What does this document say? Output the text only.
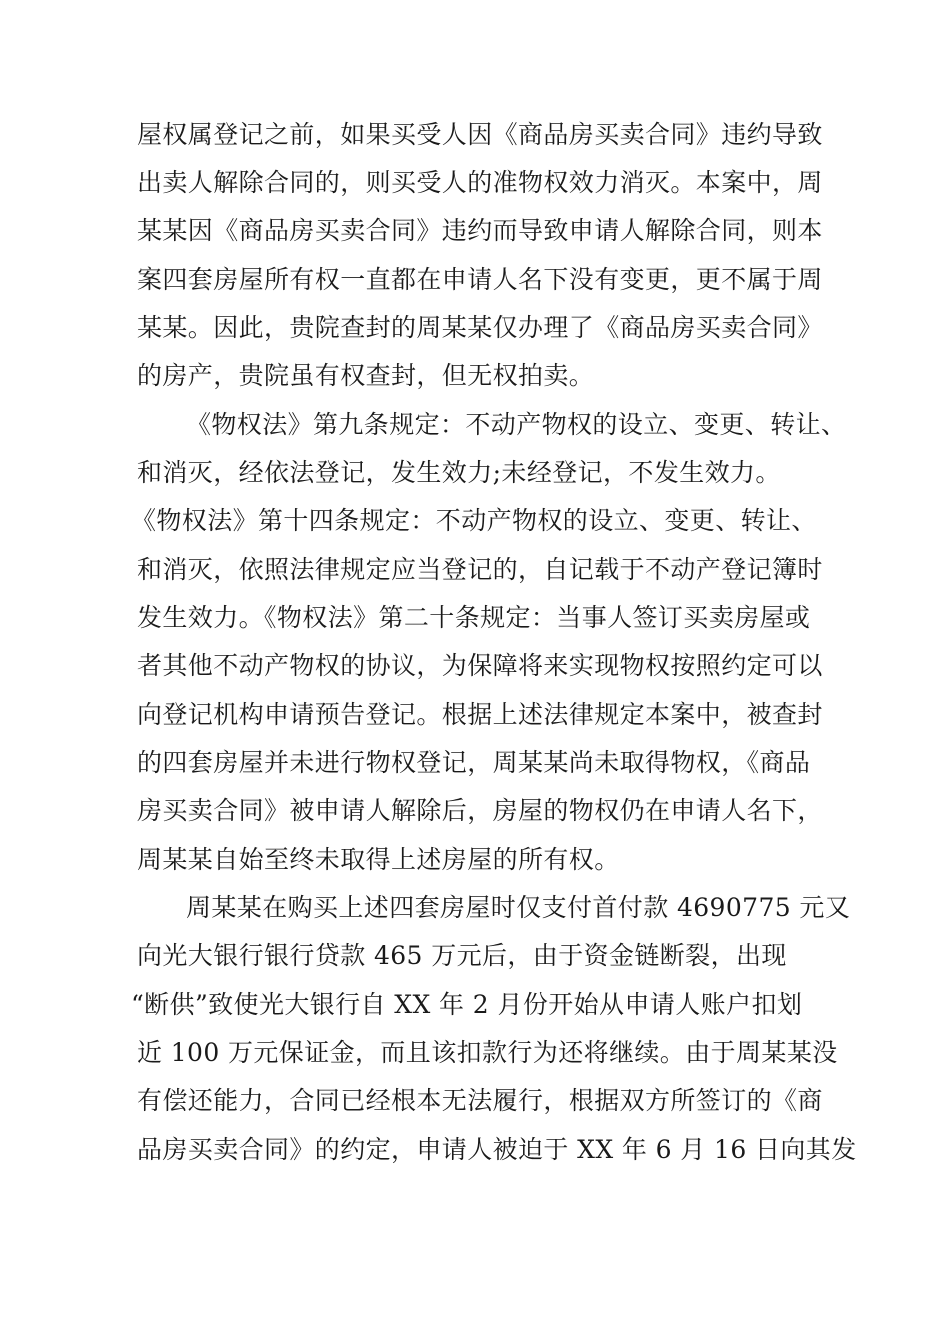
屋权属登记之前，如果买受人因《商品房买卖合同》违约导致
出卖人解除合同的，则买受人的准物权效力消灭。本案中，周
某某因《商品房买卖合同》违约而导致申请人解除合同，则本
案四套房屋所有权一直都在申请人名下没有变更，更不属于周
某某。因此，贵院查封的周某某仅办理了《商品房买卖合同》
的房产，贵院虽有权查封，但无权拍卖。
《物权法》第九条规定：不动产物权的设立、变更、转让、
和消灭，经依法登记，发生效力;未经登记，不发生效力。
《物权法》第十四条规定：不动产物权的设立、变更、转让、
和消灭，依照法律规定应当登记的，自记载于不动产登记簿时
发生效力。《物权法》第二十条规定：当事人签订买卖房屋或
者其他不动产物权的协议，为保障将来实现物权按照约定可以
向登记机构申请预告登记。根据上述法律规定本案中，被查封
的四套房屋并未进行物权登记，周某某尚未取得物权，《商品
房买卖合同》被申请人解除后，房屋的物权仍在申请人名下，
周某某自始至终未取得上述房屋的所有权。
周某某在购买上述四套房屋时仅支付首付款 4690775 元又
向光大银行银行贷款 465 万元后，由于资金链断裂，出现
“断供”致使光大银行自 XX 年 2 月份开始从申请人账户扣划
近 100 万元保证金，而且该扣款行为还将继续。由于周某某没
有偿还能力，合同已经根本无法履行，根据双方所签订的《商
品房买卖合同》的约定，申请人被迫于 XX 年 6 月 16 日向其发
